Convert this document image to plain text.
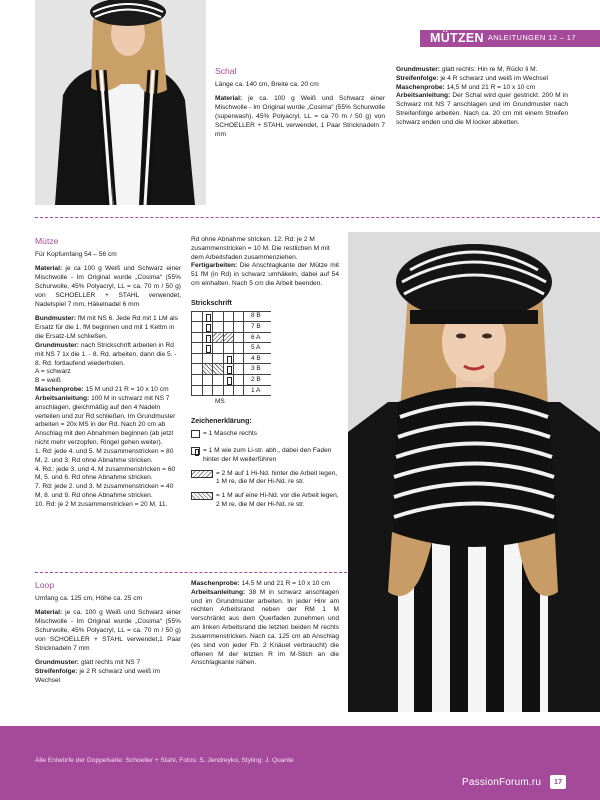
MÜTZEN ANLEITUNGEN 12 – 17
Schal
Länge ca. 140 cm, Breite ca. 20 cm
Material: je ca. 100 g Weiß und Schwarz einer Mischwolle - Im Original wurde „Cosima“ (55% Schurwolle (superwash), 45% Polyacryl, LL = ca 70 m / 50 g) von SCHOELLER + STAHL verwendet, 1 Paar Stricknadeln 7 mm
Grundmuster: glatt rechts: Hin re M, Rückr li M.
Streifenfolge: je 4 R schwarz und weiß im Wechsel
Maschenprobe: 14,5 M und 21 R = 10 x 10 cm
Arbeitsanleitung: Der Schal wird quer gestrickt. 200 M in Schwarz mit NS 7 anschlagen und im Grundmuster nach Streifenfolge arbeiten. Nach ca. 20 cm mit einem Streifen schwarz enden und die M locker abketten.
Mütze
Für Kopfumfang 54 – 56 cm
Material: je ca 100 g Weiß und Schwarz einer Mischwolle - Im Original wurde „Cosima“ (55% Schurwolle, 45% Polyacryl, LL = ca. 70 m / 50 g) von SCHOELLER + STAHL verwendet, Nadelspiel 7 mm, Häkelnadel 6 mm
Bundmuster: fM mit NS 6. Jede Rd mit 1 LM als Ersatz für die 1. fM beginnen und mit 1 Kettm in die Ersatz-LM schließen.
Grundmuster: nach Strickschrift arbeiten in Rd mit NS 7 1x die 1. - 8. Rd. arbeiten, dann die 5. - 8. Rd. fortlaufend wiederholen.
A = schwarz
B = weiß
Maschenprobe: 15 M und 21 R = 10 x 10 cm
Arbeitsanleitung: 100 M in schwarz mit NS 7 anschlagen, gleichmäßig auf den 4 Nadeln verteilen und zur Rd schließen. Im Grundmuster arbeiten = 20x MS in der Rd. Nach 20 cm ab Anschlag mit den Abnahmen beginnen (ab jetzt nicht mehr verzopfen, Ringel gehen weiter).
1. Rd: jede 4. und 5. M zusammenstricken = 80 M, 2. und 3. Rd ohne Abnahme stricken.
4. Rd.: jede 3. und 4. M zusammenstricken = 60 M, 5. und 6. Rd ohne Abnahme stricken.
7. Rd: jede 2. und 3. M zusammenstricken = 40 M, 8. und 9. Rd ohne Abnahme stricken.
10. Rd: je 2 M zusammenstricken = 20 M, 11.
Rd ohne Abnahme stricken. 12. Rd: je 2 M zusammenstricken = 10 M. Die restlichen M mit dem Arbeitsfaden zusammenziehen.
Fertigarbeiten: Die Anschlagkante der Mütze mit 51 fM (in Rd) in schwarz umhäkeln, dabei auf 54 cm einhalten. Nach 5 cm die Arbeit beenden.
Strickschrift
8 B
7 B
6 A
5 A
4 B
3 B
2 B
1 A
MS
Zeichenerklärung:
= 1 Masche rechts
= 1 M wie zum Li-str. abh., dabei den Faden hinter der M weiterführen
= 2 M auf 1 Hi-Nd. hinter die Arbeit legen, 1 M re, die M der Hi-Nd. re str.
= 1 M auf eine Hi-Nd. vor die Arbeit legen, 2 M re, die M der Hi-Nd. re str.
Loop
Umfang ca. 125 cm, Höhe ca. 25 cm
Material: je ca. 100 g Weiß und Schwarz einer Mischwolle - Im Original wurde „Cosima“ (55% Schurwolle, 45% Polyacryl, LL = ca. 70 m / 50 g) von SCHOELLER + STAHL verwendet,1 Paar Stricknadeln 7 mm
Grundmuster: glatt rechts mit NS 7
Streifenfolge: je 2 R schwarz und weiß im Wechsel
Maschenprobe: 14,5 M und 21 R = 10 x 10 cm
Arbeitsanleitung: 38 M in schwarz anschlagen und im Grundmuster arbeiten. In jeder Hinr am rechten Arbeitsrand neben der RM 1 M verschränkt aus dem Querfaden zunehmen und am linken Arbeitsrand die letzten beiden M rechts zusammenstricken. Nach ca. 125 cm ab Anschlag (es sind von jeder Fb. 2 Knäuel verbraucht) die offenen M der letzten R im M-Stich an die Anschlagkante nähen.
Alle Entwürfe der Doppelseite: Schoeller + Stahl, Fotos: S. Jendreyko, Styling: J. Quante
PassionForum.ru	17
